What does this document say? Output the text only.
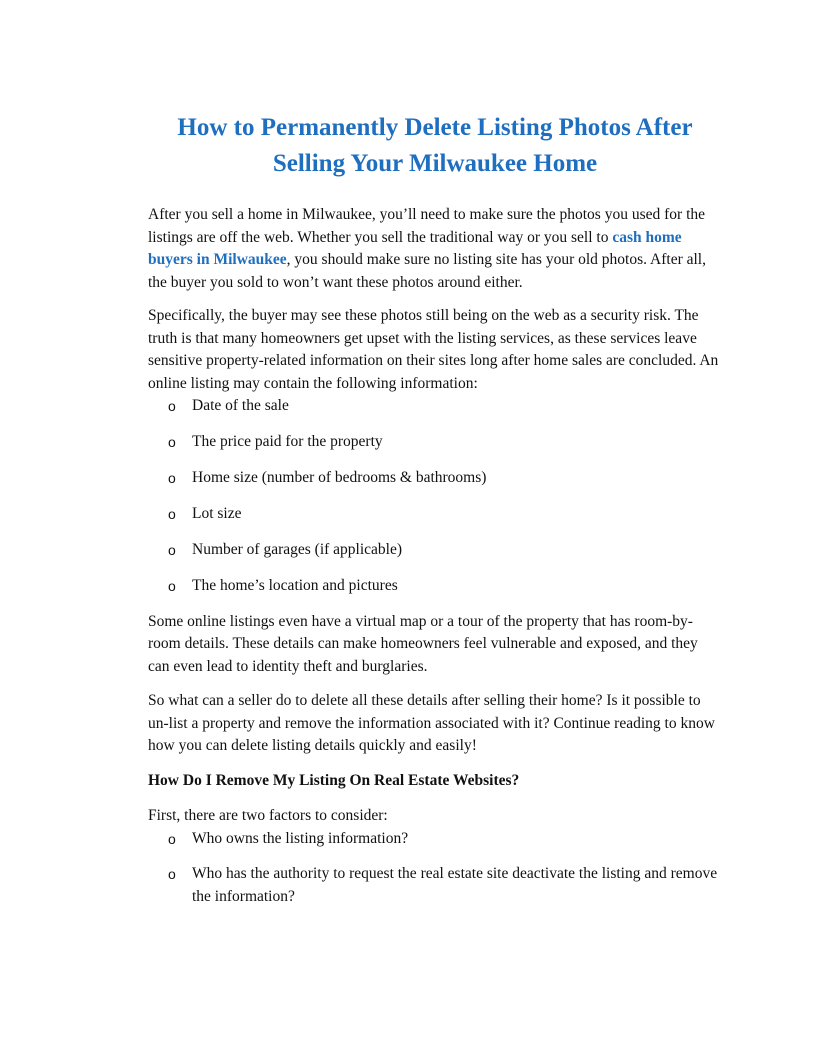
How to Permanently Delete Listing Photos After
Selling Your Milwaukee Home

After you sell a home in Milwaukee, you’ll need to make sure the photos you used for the listings are off the web. Whether you sell the traditional way or you sell to cash home buyers in Milwaukee, you should make sure no listing site has your old photos. After all, the buyer you sold to won’t want these photos around either.

Specifically, the buyer may see these photos still being on the web as a security risk. The truth is that many homeowners get upset with the listing services, as these services leave sensitive property-related information on their sites long after home sales are concluded. An online listing may contain the following information:

o Date of the sale
o The price paid for the property
o Home size (number of bedrooms & bathrooms)
o Lot size
o Number of garages (if applicable)
o The home’s location and pictures

Some online listings even have a virtual map or a tour of the property that has room-by-room details. These details can make homeowners feel vulnerable and exposed, and they can even lead to identity theft and burglaries.

So what can a seller do to delete all these details after selling their home? Is it possible to un-list a property and remove the information associated with it? Continue reading to know how you can delete listing details quickly and easily!

How Do I Remove My Listing On Real Estate Websites?

First, there are two factors to consider:

o Who owns the listing information?
o Who has the authority to request the real estate site deactivate the listing and remove the information?
